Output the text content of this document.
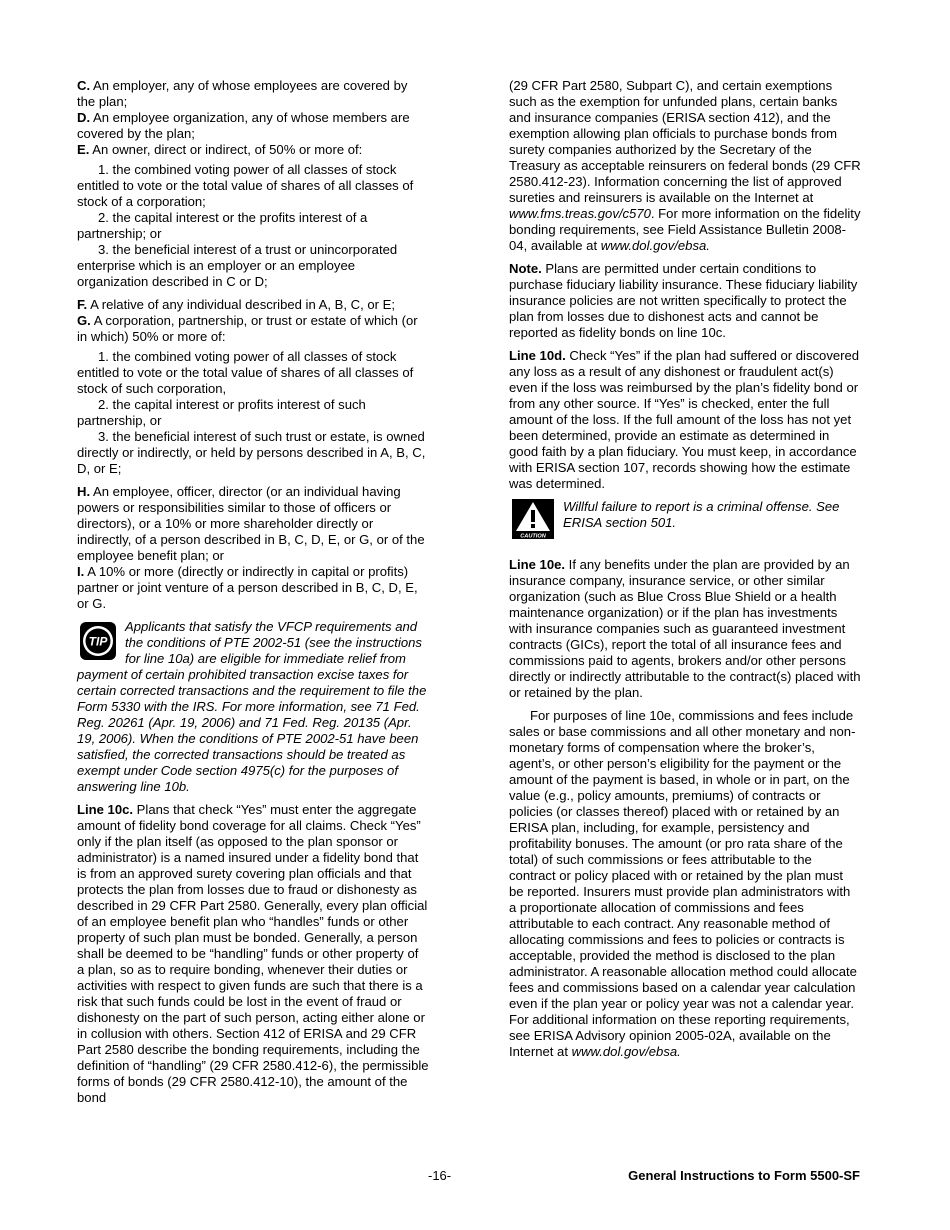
C. An employer, any of whose employees are covered by the plan;

D. An employee organization, any of whose members are covered by the plan;

E. An owner, direct or indirect, of 50% or more of:

1. the combined voting power of all classes of stock entitled to vote or the total value of shares of all classes of stock of a corporation;

2. the capital interest or the profits interest of a partnership; or

3. the beneficial interest of a trust or unincorporated enterprise which is an employer or an employee organization described in C or D;

F. A relative of any individual described in A, B, C, or E;

G. A corporation, partnership, or trust or estate of which (or in which) 50% or more of:

1. the combined voting power of all classes of stock entitled to vote or the total value of shares of all classes of stock of such corporation,

2. the capital interest or profits interest of such partnership, or

3. the beneficial interest of such trust or estate, is owned directly or indirectly, or held by persons described in A, B, C, D, or E;

H. An employee, officer, director (or an individual having powers or responsibilities similar to those of officers or directors), or a 10% or more shareholder directly or indirectly, of a person described in B, C, D, E, or G, or of the employee benefit plan; or

I. A 10% or more (directly or indirectly in capital or profits) partner or joint venture of a person described in B, C, D, E, or G.

TIP
Applicants that satisfy the VFCP requirements and the conditions of PTE 2002-51 (see the instructions for line 10a) are eligible for immediate relief from payment of certain prohibited transaction excise taxes for certain corrected transactions and the requirement to file the Form 5330 with the IRS. For more information, see 71 Fed. Reg. 20261 (Apr. 19, 2006) and 71 Fed. Reg. 20135 (Apr. 19, 2006). When the conditions of PTE 2002-51 have been satisfied, the corrected transactions should be treated as exempt under Code section 4975(c) for the purposes of answering line 10b.

Line 10c. Plans that check “Yes” must enter the aggregate amount of fidelity bond coverage for all claims. Check “Yes” only if the plan itself (as opposed to the plan sponsor or administrator) is a named insured under a fidelity bond that is from an approved surety covering plan officials and that protects the plan from losses due to fraud or dishonesty as described in 29 CFR Part 2580. Generally, every plan official of an employee benefit plan who “handles” funds or other property of such plan must be bonded. Generally, a person shall be deemed to be “handling” funds or other property of a plan, so as to require bonding, whenever their duties or activities with respect to given funds are such that there is a risk that such funds could be lost in the event of fraud or dishonesty on the part of such person, acting either alone or in collusion with others. Section 412 of ERISA and 29 CFR Part 2580 describe the bonding requirements, including the definition of “handling” (29 CFR 2580.412-6), the permissible forms of bonds (29 CFR 2580.412-10), the amount of the bond

(29 CFR Part 2580, Subpart C), and certain exemptions such as the exemption for unfunded plans, certain banks and insurance companies (ERISA section 412), and the exemption allowing plan officials to purchase bonds from surety companies authorized by the Secretary of the Treasury as acceptable reinsurers on federal bonds (29 CFR 2580.412-23). Information concerning the list of approved sureties and reinsurers is available on the Internet at www.fms.treas.gov/c570. For more information on the fidelity bonding requirements, see Field Assistance Bulletin 2008-04, available at www.dol.gov/ebsa.

Note. Plans are permitted under certain conditions to purchase fiduciary liability insurance. These fiduciary liability insurance policies are not written specifically to protect the plan from losses due to dishonest acts and cannot be reported as fidelity bonds on line 10c.

Line 10d. Check “Yes” if the plan had suffered or discovered any loss as a result of any dishonest or fraudulent act(s) even if the loss was reimbursed by the plan’s fidelity bond or from any other source. If “Yes” is checked, enter the full amount of the loss. If the full amount of the loss has not yet been determined, provide an estimate as determined in good faith by a plan fiduciary. You must keep, in accordance with ERISA section 107, records showing how the estimate was determined.

CAUTION
Willful failure to report is a criminal offense. See ERISA section 501.

Line 10e. If any benefits under the plan are provided by an insurance company, insurance service, or other similar organization (such as Blue Cross Blue Shield or a health maintenance organization) or if the plan has investments with insurance companies such as guaranteed investment contracts (GICs), report the total of all insurance fees and commissions paid to agents, brokers and/or other persons directly or indirectly attributable to the contract(s) placed with or retained by the plan.

For purposes of line 10e, commissions and fees include sales or base commissions and all other monetary and non-monetary forms of compensation where the broker’s, agent’s, or other person’s eligibility for the payment or the amount of the payment is based, in whole or in part, on the value (e.g., policy amounts, premiums) of contracts or policies (or classes thereof) placed with or retained by an ERISA plan, including, for example, persistency and profitability bonuses. The amount (or pro rata share of the total) of such commissions or fees attributable to the contract or policy placed with or retained by the plan must be reported. Insurers must provide plan administrators with a proportionate allocation of commissions and fees attributable to each contract. Any reasonable method of allocating commissions and fees to policies or contracts is acceptable, provided the method is disclosed to the plan administrator. A reasonable allocation method could allocate fees and commissions based on a calendar year calculation even if the plan year or policy year was not a calendar year. For additional information on these reporting requirements, see ERISA Advisory opinion 2005-02A, available on the Internet at www.dol.gov/ebsa.

-16-	General Instructions to Form 5500-SF
